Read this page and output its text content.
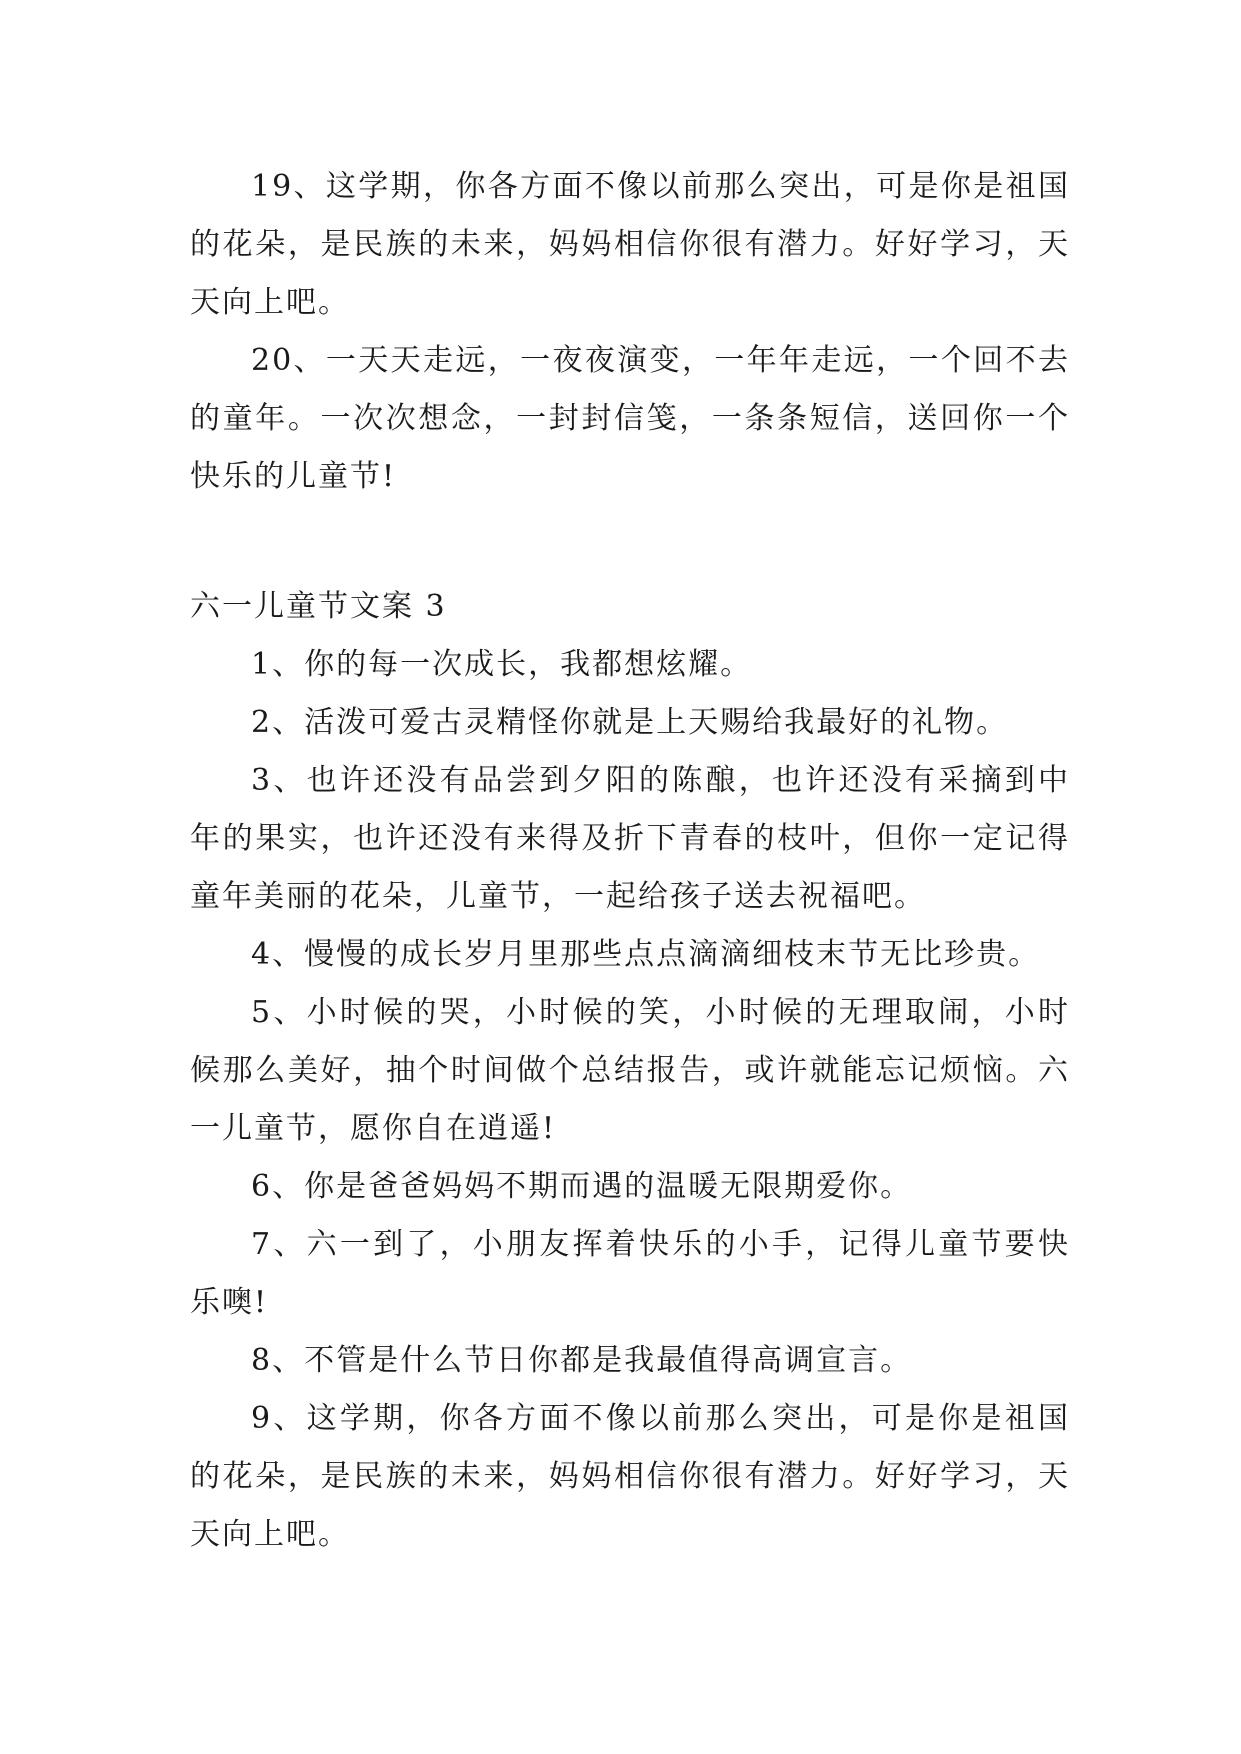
19、这学期，你各方面不像以前那么突出，可是你是祖国的花朵，是民族的未来，妈妈相信你很有潜力。好好学习，天天向上吧。

20、一天天走远，一夜夜演变，一年年走远，一个回不去的童年。一次次想念，一封封信笺，一条条短信，送回你一个快乐的儿童节!

六一儿童节文案 3

1、你的每一次成长，我都想炫耀。

2、活泼可爱古灵精怪你就是上天赐给我最好的礼物。

3、也许还没有品尝到夕阳的陈酿，也许还没有采摘到中年的果实，也许还没有来得及折下青春的枝叶，但你一定记得童年美丽的花朵，儿童节，一起给孩子送去祝福吧。

4、慢慢的成长岁月里那些点点滴滴细枝末节无比珍贵。

5、小时候的哭，小时候的笑，小时候的无理取闹，小时候那么美好，抽个时间做个总结报告，或许就能忘记烦恼。六一儿童节，愿你自在逍遥!

6、你是爸爸妈妈不期而遇的温暖无限期爱你。

7、六一到了，小朋友挥着快乐的小手，记得儿童节要快乐噢!

8、不管是什么节日你都是我最值得高调宣言。

9、这学期，你各方面不像以前那么突出，可是你是祖国的花朵，是民族的未来，妈妈相信你很有潜力。好好学习，天天向上吧。
